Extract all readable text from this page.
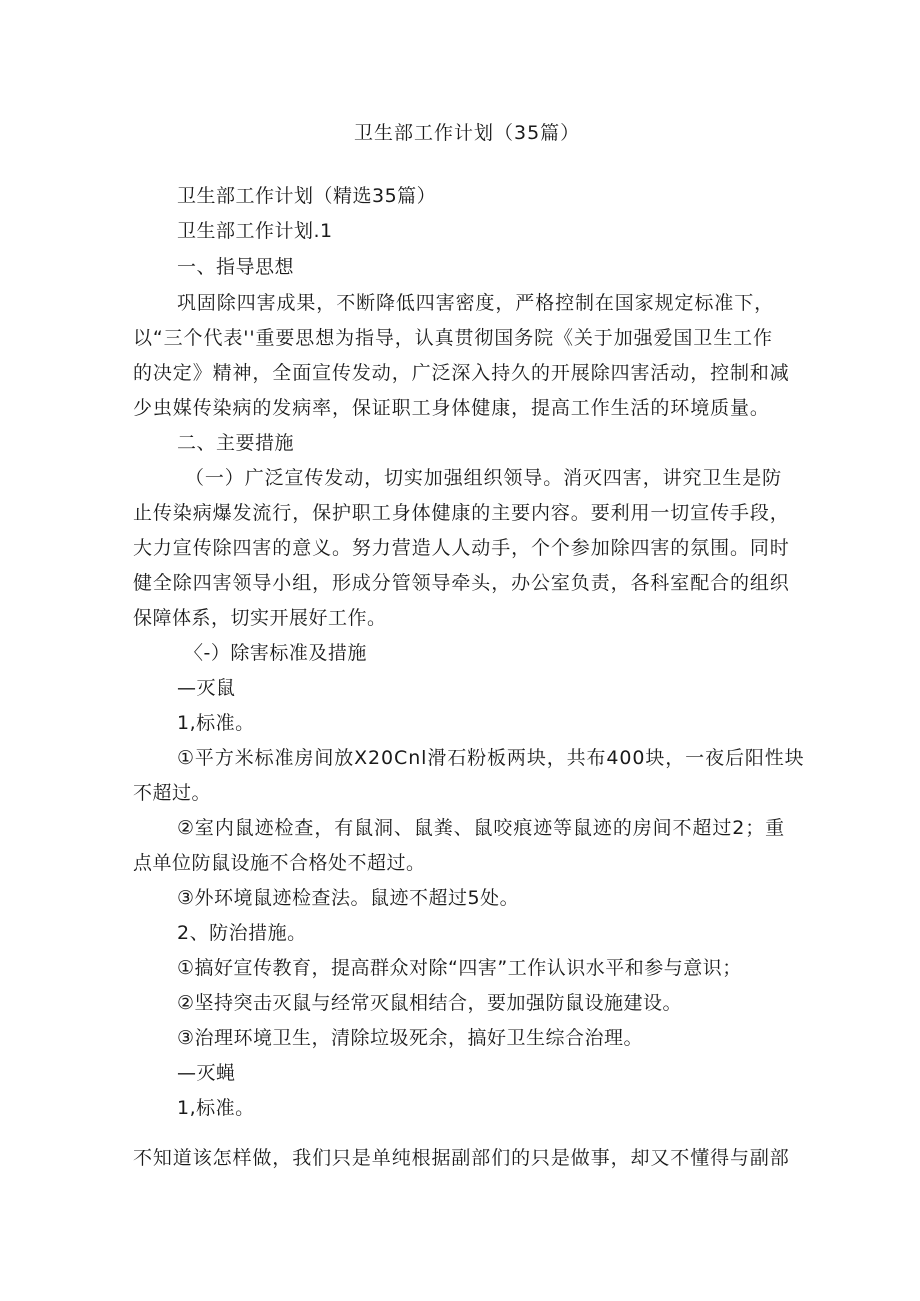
卫生部工作计划（35篇）
卫生部工作计划（精选35篇）
卫生部工作计划.1
一、指导思想
巩固除四害成果，不断降低四害密度，严格控制在国家规定标准下，
以“三个代表''重要思想为指导，认真贯彻国务院《关于加强爱国卫生工作
的决定》精神，全面宣传发动，广泛深入持久的开展除四害活动，控制和减
少虫媒传染病的发病率，保证职工身体健康，提高工作生活的环境质量。
二、主要措施
（一）广泛宣传发动，切实加强组织领导。消灭四害，讲究卫生是防
止传染病爆发流行，保护职工身体健康的主要内容。要利用一切宣传手段，
大力宣传除四害的意义。努力营造人人动手，个个参加除四害的氛围。同时
健全除四害领导小组，形成分管领导牵头，办公室负责，各科室配合的组织
保障体系，切实开展好工作。
〈-）除害标准及措施
—灭鼠
1,标准。
①平方米标准房间放X20Cnl滑石粉板两块，共布400块，一夜后阳性块
不超过。
②室内鼠迹检查，有鼠洞、鼠粪、鼠咬痕迹等鼠迹的房间不超过2；重
点单位防鼠设施不合格处不超过。
③外环境鼠迹检查法。鼠迹不超过5处。
2、防治措施。
①搞好宣传教育，提高群众对除“四害”工作认识水平和参与意识；
②坚持突击灭鼠与经常灭鼠相结合，要加强防鼠设施建设。
③治理环境卫生，清除垃圾死余，搞好卫生综合治理。
—灭蝇
1,标准。
不知道该怎样做，我们只是单纯根据副部们的只是做事，却又不懂得与副部
